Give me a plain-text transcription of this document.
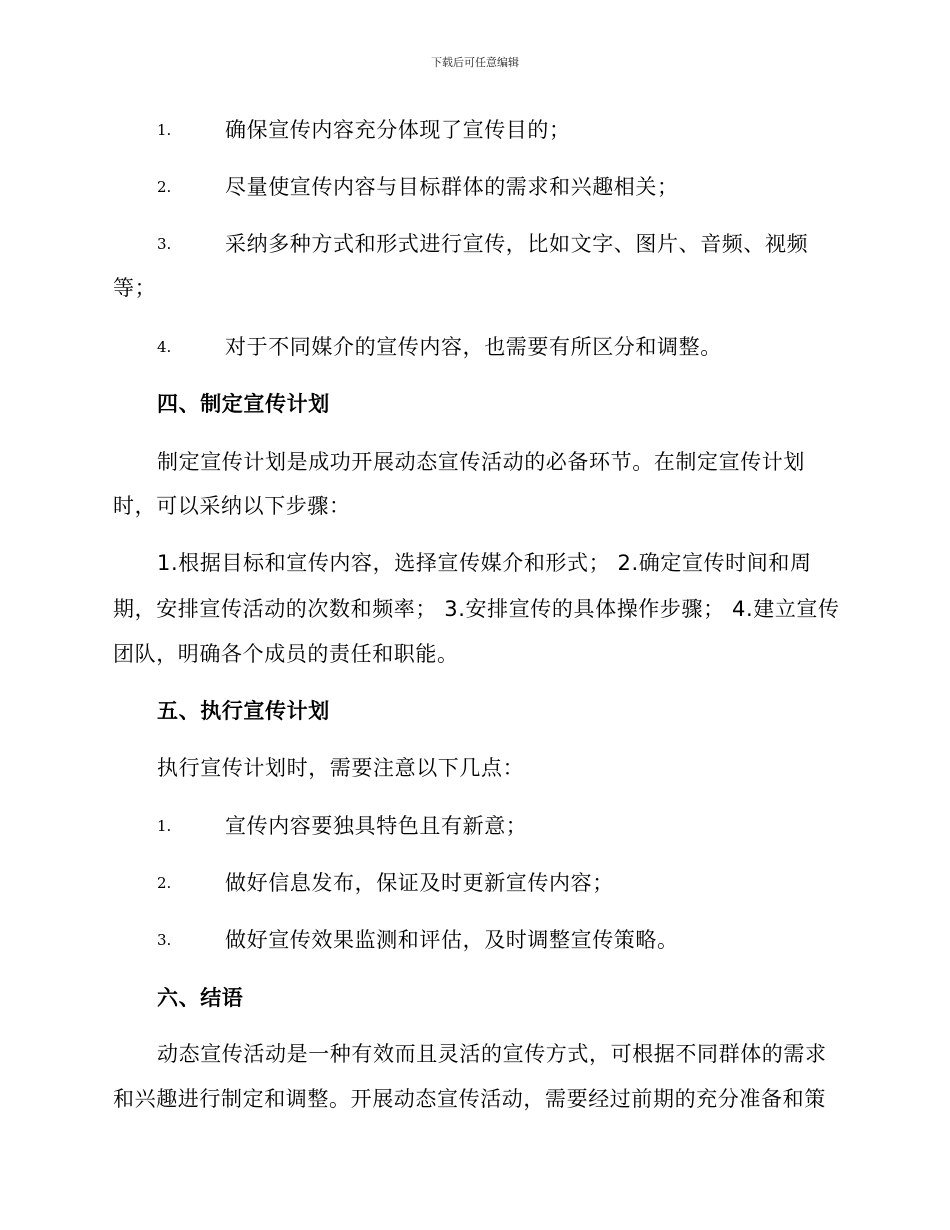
下载后可任意编辑
1.	确保宣传内容充分体现了宣传目的；
2.	尽量使宣传内容与目标群体的需求和兴趣相关；
3.	采纳多种方式和形式进行宣传，比如文字、图片、音频、视频
等；
4.	对于不同媒介的宣传内容，也需要有所区分和调整。
四、制定宣传计划
制定宣传计划是成功开展动态宣传活动的必备环节。在制定宣传计划
时，可以采纳以下步骤：
1.根据目标和宣传内容，选择宣传媒介和形式； 2.确定宣传时间和周
期，安排宣传活动的次数和频率； 3.安排宣传的具体操作步骤； 4.建立宣传
团队，明确各个成员的责任和职能。
五、执行宣传计划
执行宣传计划时，需要注意以下几点：
1.	宣传内容要独具特色且有新意；
2.	做好信息发布，保证及时更新宣传内容；
3.	做好宣传效果监测和评估，及时调整宣传策略。
六、结语
动态宣传活动是一种有效而且灵活的宣传方式，可根据不同群体的需求
和兴趣进行制定和调整。开展动态宣传活动，需要经过前期的充分准备和策
